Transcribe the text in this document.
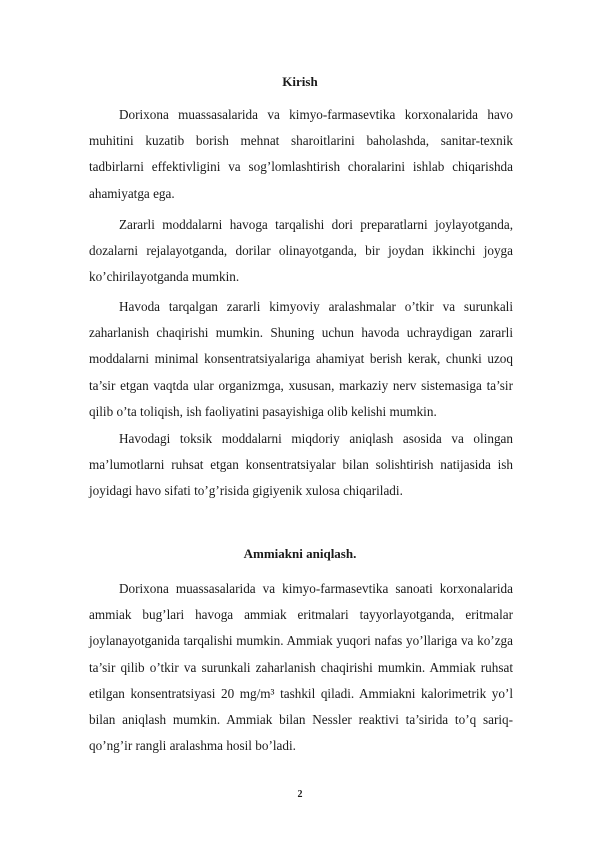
Kirish

Dorixona muassasalarida va kimyo-farmasevtika korxonalarida havo muhitini kuzatib borish mehnat sharoitlarini baholashda, sanitar-texnik tadbirlarni effektivligini va sog’lomlashtirish choralarini ishlab chiqarishda ahamiyatga ega.

Zararli moddalarni havoga tarqalishi dori preparatlarni joylayotganda, dozalarni rejalayotganda, dorilar olinayotganda, bir joydan ikkinchi joyga ko’chirilayotganda mumkin.

Havoda tarqalgan zararli kimyoviy aralashmalar o’tkir va surunkali zaharlanish chaqirishi mumkin. Shuning uchun havoda uchraydigan zararli moddalarni minimal konsentratsiyalariga ahamiyat berish kerak, chunki uzoq ta’sir etgan vaqtda ular organizmga, xususan, markaziy nerv sistemasiga ta’sir qilib o’ta toliqish, ish faoliyatini pasayishiga olib kelishi mumkin.

Havodagi toksik moddalarni miqdoriy aniqlash asosida va olingan ma’lumotlarni ruhsat etgan konsentratsiyalar bilan solishtirish natijasida ish joyidagi havo sifati to’g’risida gigiyenik xulosa chiqariladi.

Ammiakni aniqlash.

Dorixona muassasalarida va kimyo-farmasevtika sanoati korxonalarida ammiak bug’lari havoga ammiak eritmalari tayyorlayotganda, eritmalar joylanayotganida tarqalishi mumkin. Ammiak yuqori nafas yo’llariga va ko’zga ta’sir qilib o’tkir va surunkali zaharlanish chaqirishi mumkin. Ammiak ruhsat etilgan konsentratsiyasi 20 mg/m³ tashkil qiladi. Ammiakni kalorimetrik yo’l bilan aniqlash mumkin. Ammiak bilan Nessler reaktivi ta’sirida to’q sariq-qo’ng’ir rangli aralashma hosil bo’ladi.

2
